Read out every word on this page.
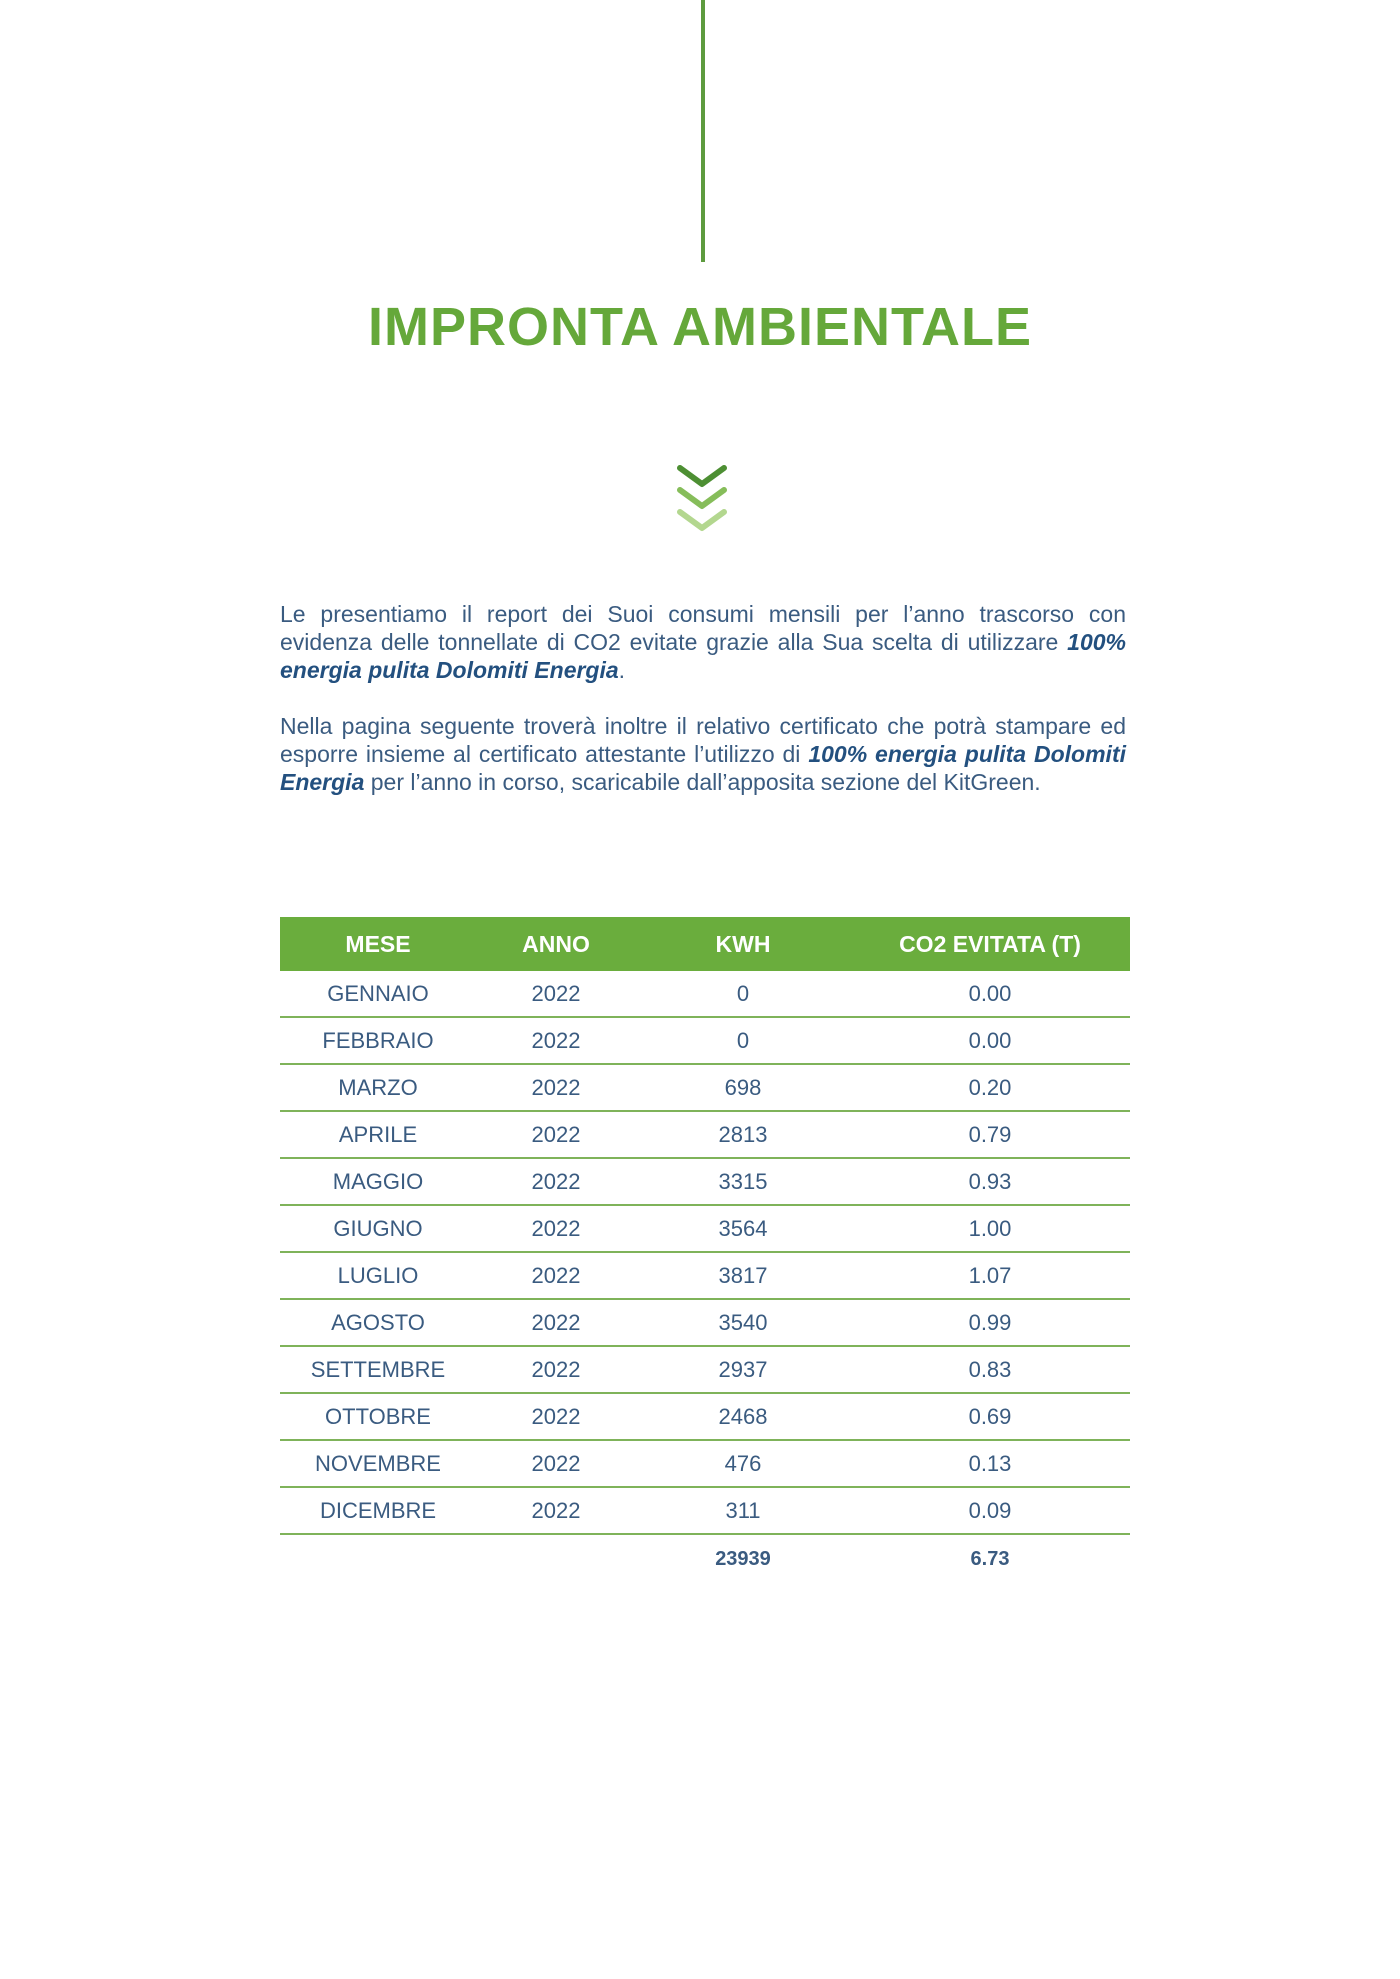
IMPRONTA AMBIENTALE

Le presentiamo il report dei Suoi consumi mensili per l’anno trascorso con evidenza delle tonnellate di CO2 evitate grazie alla Sua scelta di utilizzare 100% energia pulita Dolomiti Energia.

Nella pagina seguente troverà inoltre il relativo certificato che potrà stampare ed esporre insieme al certificato attestante l’utilizzo di 100% energia pulita Dolomiti Energia per l’anno in corso, scaricabile dall’apposita sezione del KitGreen.

MESE	ANNO	KWH	CO2 EVITATA (T)
GENNAIO	2022	0	0.00
FEBBRAIO	2022	0	0.00
MARZO	2022	698	0.20
APRILE	2022	2813	0.79
MAGGIO	2022	3315	0.93
GIUGNO	2022	3564	1.00
LUGLIO	2022	3817	1.07
AGOSTO	2022	3540	0.99
SETTEMBRE	2022	2937	0.83
OTTOBRE	2022	2468	0.69
NOVEMBRE	2022	476	0.13
DICEMBRE	2022	311	0.09
		23939	6.73
